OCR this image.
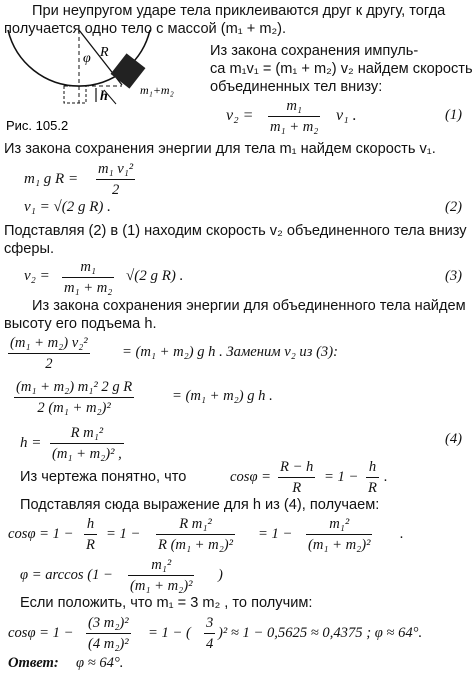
При неупругом ударе тела приклеиваются друг к другу, тогда
получается одно тело с массой (m₁ + m₂).
R
φ
h	m₁+m₂
Рис. 105.2
Из закона сохранения импуль-
са m₁v₁ = (m₁ + m₂) v₂ найдем скорость
объединенных тел внизу:
$v_2 = \frac{\text{m₁}}{\text{m₁ + m₂}} v_1$ .	(1)
Из закона сохранения энергии для тела m₁ найдем скорость v₁.
m₁ g $R = \frac{\text{m₁ v₁²}}{2}$
v₁ = √(2 g R) .	(2)
Подставляя (2) в (1) находим скорость v₂ объединенного тела внизу
сферы.
$v_2 = \frac{\text{m₁}}{\text{m₁ + m₂}} √(2$ g R) .	(3)
Из закона сохранения энергии для объединенного тела найдем
высоту его подъема h.
$\frac{\text{(m₁ + m₂) v₂²}}{2} = (m_1 + m_2)$ g h . Заменим v₂ из (3):
$\frac{\text{(m₁ + m₂) m₁² 2 g R}}{\text{2 (m₁ + m₂)²}}$	= (m₁ + m₂) g h .
$h = \frac{\text{R m₁²}}{\text{(m₁ + m₂)² ,}}$	(4)
Из чертежа понятно, что	$\cos\varphi = \frac{R - h}{R} = 1 - \frac{h}{R}$ .
Подставляя сюда выражение для h из (4), получаем:
$\cos\varphi = 1 - \frac{h}{R} = 1 - \frac{\text{R m₁²}}{\text{R (m₁ + m₂)²}} = 1 - \frac{\text{m₁²}}{\text{(m₁ + m₂)²}}$ .
$\varphi = \arccos (1 - \frac{\text{m₁²}}{\text{(m₁ + m₂)²}}$ )
Если положить, что m₁ = 3 m₂ , то получим:
$\cos\varphi = 1 - \frac{\text{(3 m₂)²}}{\text{(4 m₂)²}} = 1$ − ( $\frac{3}{4} )^2 \approx 1 - 0,5625 \approx 0,4375$ ; φ ≈ 64°.
Ответ: φ ≈ 64°.
